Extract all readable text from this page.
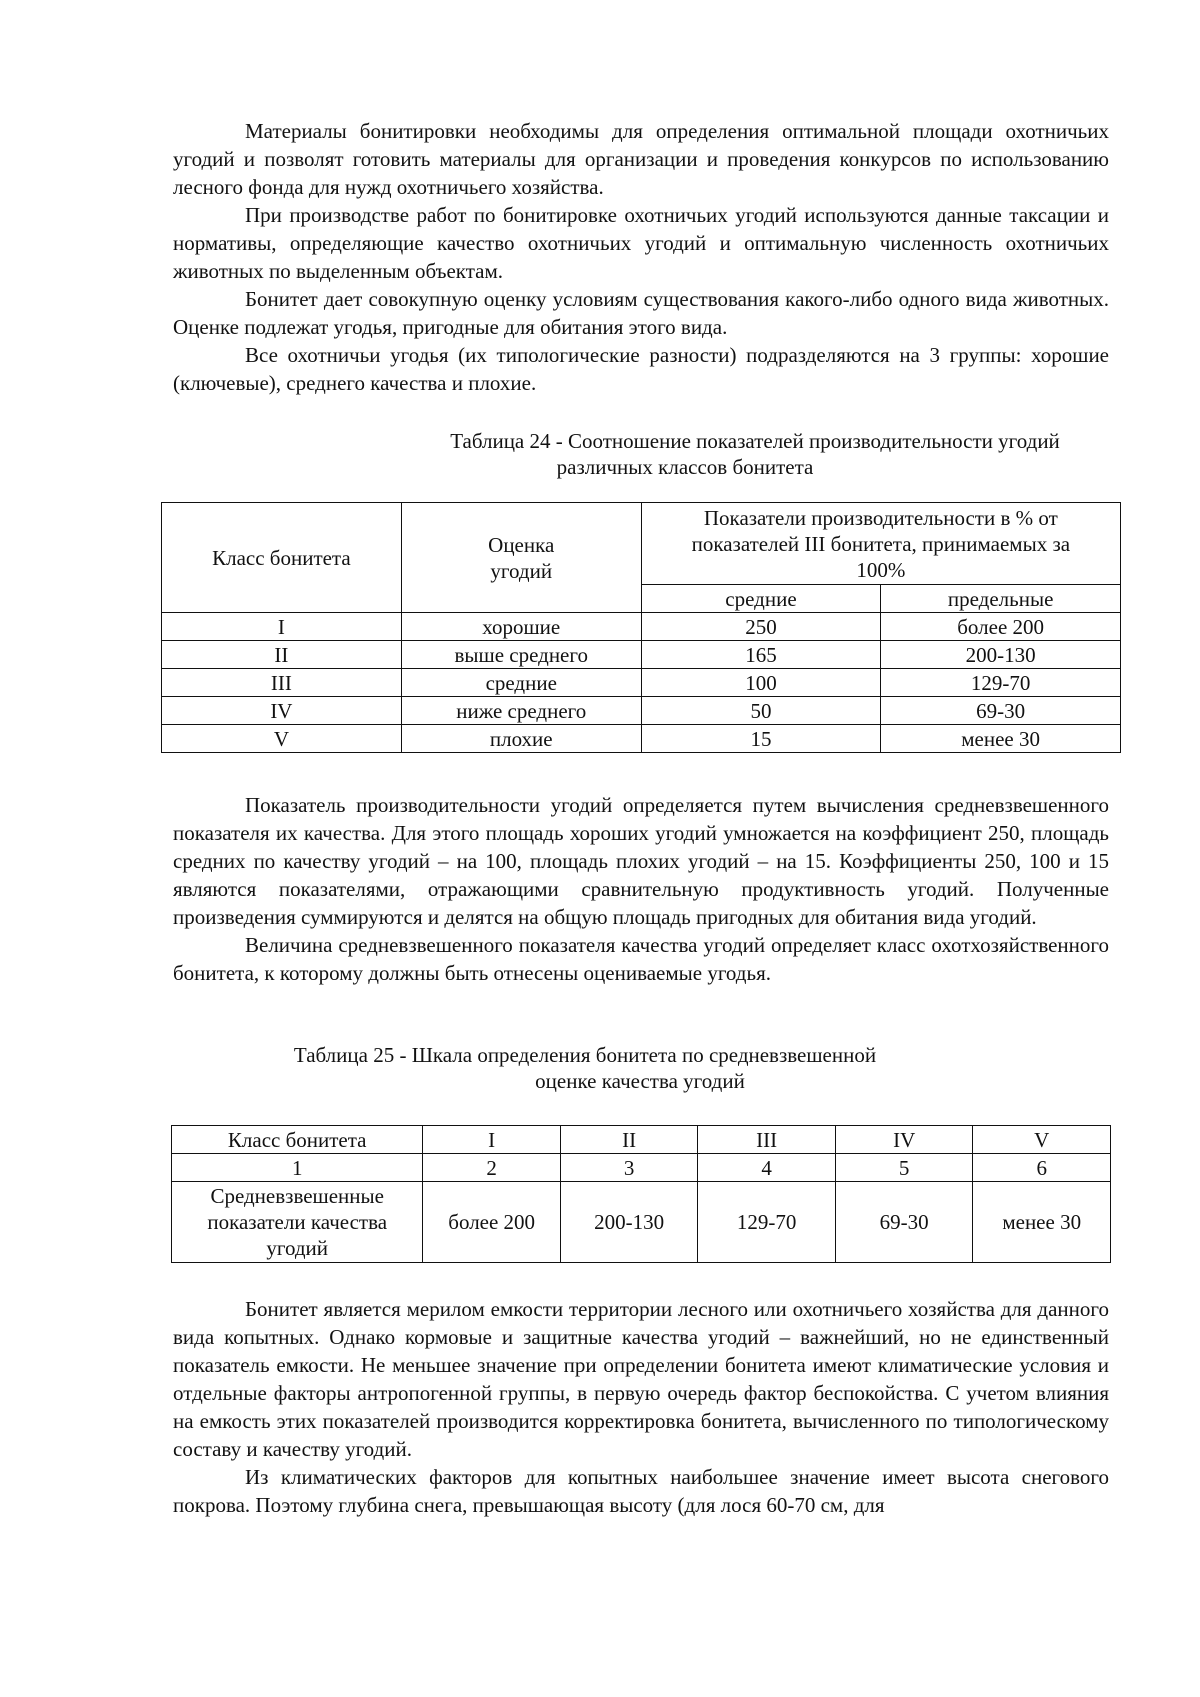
Материалы бонитировки необходимы для определения оптимальной площади охотничьих угодий и позволят готовить материалы для организации и проведения конкурсов по использованию лесного фонда для нужд охотничьего хозяйства.

При производстве работ по бонитировке охотничьих угодий используются данные таксации и нормативы, определяющие качество охотничьих угодий и оптимальную численность охотничьих животных по выделенным объектам.

Бонитет дает совокупную оценку условиям существования какого-либо одного вида животных. Оценке подлежат угодья, пригодные для обитания этого вида.

Все охотничьи угодья (их типологические разности) подразделяются на 3 группы: хорошие (ключевые), среднего качества и плохие.

Таблица 24 - Соотношение показателей производительности угодий

различных классов бонитета

Класс бонитета	Оценка угодий	Показатели производительности в % от показателей III бонитета, принимаемых за 100%	
		средние	предельные
I	хорошие	250	более 200
II	выше среднего	165	200-130
III	средние	100	129-70
IV	ниже среднего	50	69-30
V	плохие	15	менее 30

Показатель производительности угодий определяется путем вычисления средневзвешенного показателя их качества. Для этого площадь хороших угодий умножается на коэффициент 250, площадь средних по качеству угодий – на 100, площадь плохих угодий – на 15. Коэффициенты 250, 100 и 15 являются показателями, отражающими сравнительную продуктивность угодий. Полученные произведения суммируются и делятся на общую площадь пригодных для обитания вида угодий.

Величина средневзвешенного показателя качества угодий определяет класс охотхозяйственного бонитета, к которому должны быть отнесены оцениваемые угодья.

Таблица 25 - Шкала определения бонитета по средневзвешенной

оценке качества угодий

Класс бонитета	I	II	III	IV	V
1	2	3	4	5	6
Средневзвешенные показатели качества угодий	более 200	200-130	129-70	69-30	менее 30

Бонитет является мерилом емкости территории лесного или охотничьего хозяйства для данного вида копытных. Однако кормовые и защитные качества угодий – важнейший, но не единственный показатель емкости. Не меньшее значение при определении бонитета имеют климатические условия и отдельные факторы антропогенной группы, в первую очередь фактор беспокойства. С учетом влияния на емкость этих показателей производится корректировка бонитета, вычисленного по типологическому составу и качеству угодий.

Из климатических факторов для копытных наибольшее значение имеет высота снегового покрова. Поэтому глубина снега, превышающая высоту (для лося 60-70 см, для
